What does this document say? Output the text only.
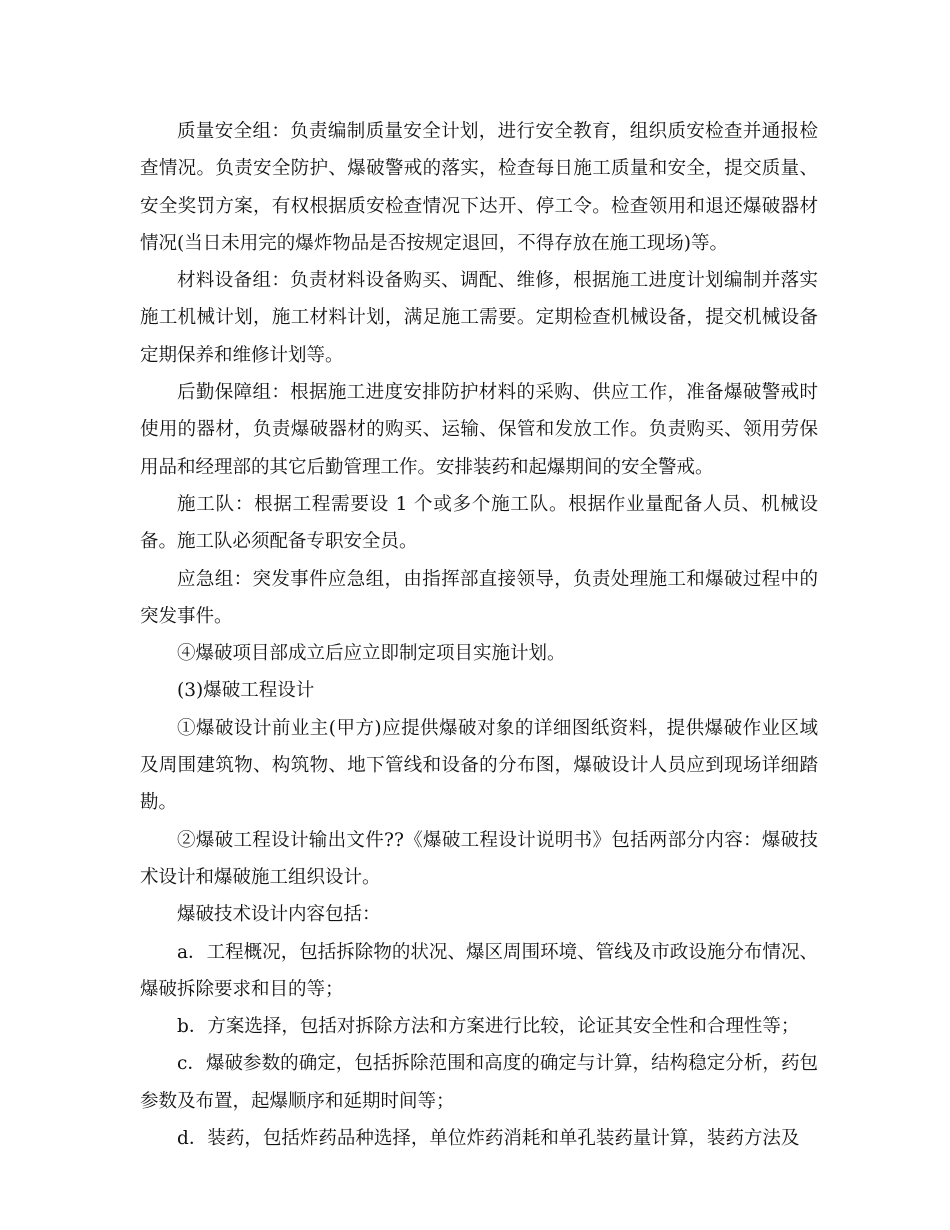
质量安全组：负责编制质量安全计划，进行安全教育，组织质安检查并通报检查情况。负责安全防护、爆破警戒的落实，检查每日施工质量和安全，提交质量、安全奖罚方案，有权根据质安检查情况下达开、停工令。检查领用和退还爆破器材情况(当日未用完的爆炸物品是否按规定退回，不得存放在施工现场)等。

材料设备组：负责材料设备购买、调配、维修，根据施工进度计划编制并落实施工机械计划，施工材料计划，满足施工需要。定期检查机械设备，提交机械设备定期保养和维修计划等。

后勤保障组：根据施工进度安排防护材料的采购、供应工作，准备爆破警戒时使用的器材，负责爆破器材的购买、运输、保管和发放工作。负责购买、领用劳保用品和经理部的其它后勤管理工作。安排装药和起爆期间的安全警戒。

施工队：根据工程需要设 1 个或多个施工队。根据作业量配备人员、机械设备。施工队必须配备专职安全员。

应急组：突发事件应急组，由指挥部直接领导，负责处理施工和爆破过程中的突发事件。

④爆破项目部成立后应立即制定项目实施计划。

(3)爆破工程设计

①爆破设计前业主(甲方)应提供爆破对象的详细图纸资料，提供爆破作业区域及周围建筑物、构筑物、地下管线和设备的分布图，爆破设计人员应到现场详细踏勘。

②爆破工程设计输出文件??《爆破工程设计说明书》包括两部分内容：爆破技术设计和爆破施工组织设计。

爆破技术设计内容包括：

a．工程概况，包括拆除物的状况、爆区周围环境、管线及市政设施分布情况、爆破拆除要求和目的等；

b．方案选择，包括对拆除方法和方案进行比较，论证其安全性和合理性等；

c．爆破参数的确定，包括拆除范围和高度的确定与计算，结构稳定分析，药包参数及布置，起爆顺序和延期时间等；

d．装药，包括炸药品种选择，单位炸药消耗和单孔装药量计算，装药方法及
